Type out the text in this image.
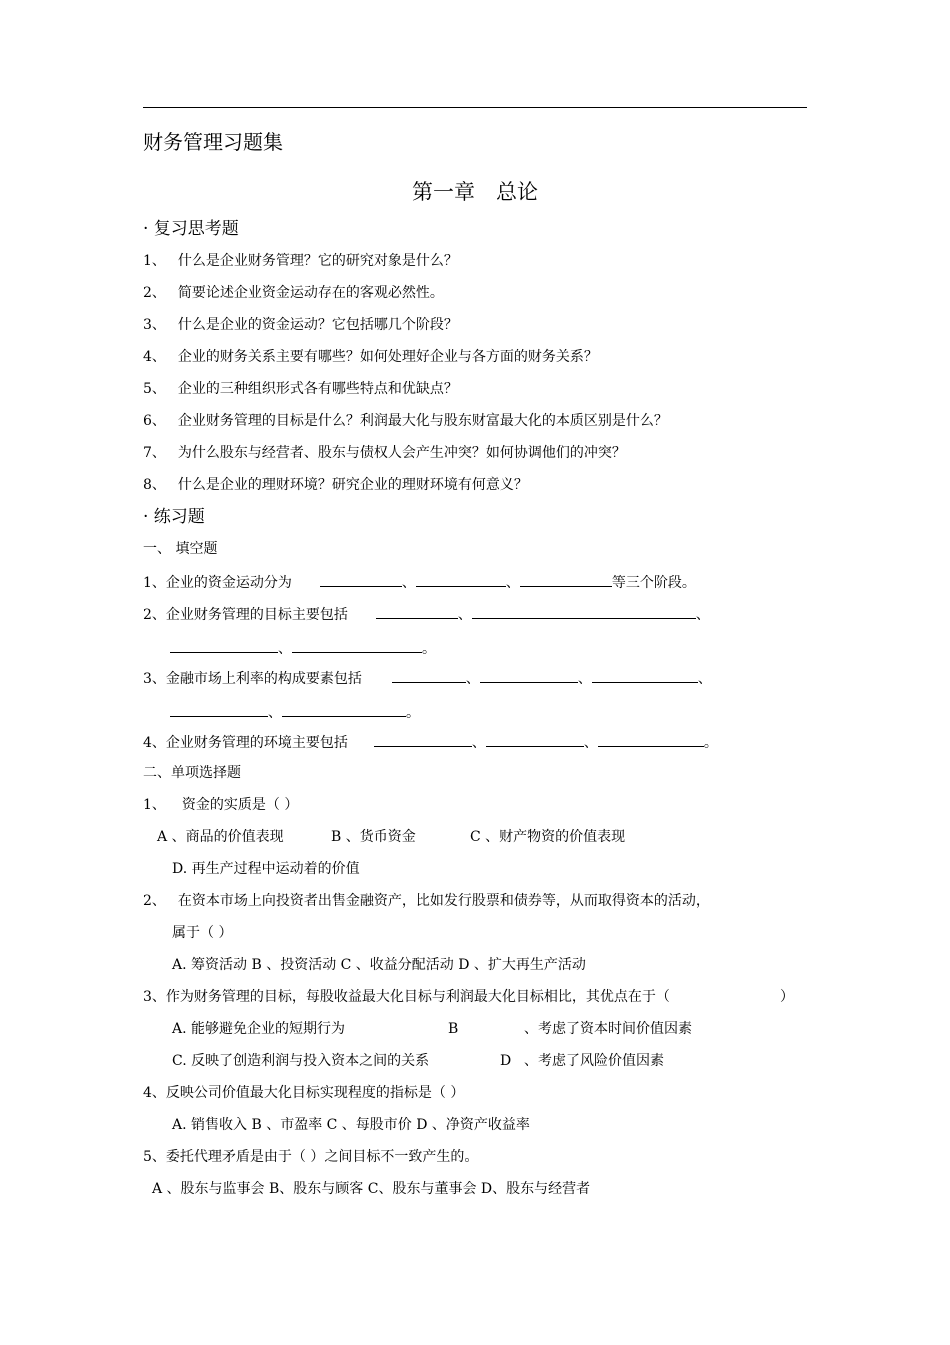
财务管理习题集
第一章　总论
· 复习思考题
1、 什么是企业财务管理？它的研究对象是什么？
2、 简要论述企业资金运动存在的客观必然性。
3、 什么是企业的资金运动？它包括哪几个阶段？
4、 企业的财务关系主要有哪些？如何处理好企业与各方面的财务关系？
5、 企业的三种组织形式各有哪些特点和优缺点？
6、 企业财务管理的目标是什么？利润最大化与股东财富最大化的本质区别是什么？
7、 为什么股东与经营者、股东与债权人会产生冲突？如何协调他们的冲突？
8、 什么是企业的理财环境？研究企业的理财环境有何意义？
· 练习题
一、 填空题
1、企业的资金运动分为	、	、	等三个阶段。
2、企业财务管理的目标主要包括	、	、
、	。
3、金融市场上利率的构成要素包括	、	、	、
、	。
4、企业财务管理的环境主要包括	、	、	。
二、单项选择题
1、 资金的实质是（ ）
A 、商品的价值表现	B 、货币资金	C 、财产物资的价值表现
D. 再生产过程中运动着的价值
2、 在资本市场上向投资者出售金融资产，比如发行股票和债券等，从而取得资本的活动，
属于（ ）
A. 筹资活动 B 、投资活动 C 、收益分配活动 D 、扩大再生产活动
3、作为财务管理的目标，每股收益最大化目标与利润最大化目标相比，其优点在于（	）
A. 能够避免企业的短期行为	B	、考虑了资本时间价值因素
C. 反映了创造利润与投入资本之间的关系	D 、考虑了风险价值因素
4、反映公司价值最大化目标实现程度的指标是（ ）
A. 销售收入 B 、市盈率 C 、每股市价 D 、净资产收益率
5、委托代理矛盾是由于（ ）之间目标不一致产生的。
A 、股东与监事会 B、股东与顾客 C、股东与董事会 D、股东与经营者
